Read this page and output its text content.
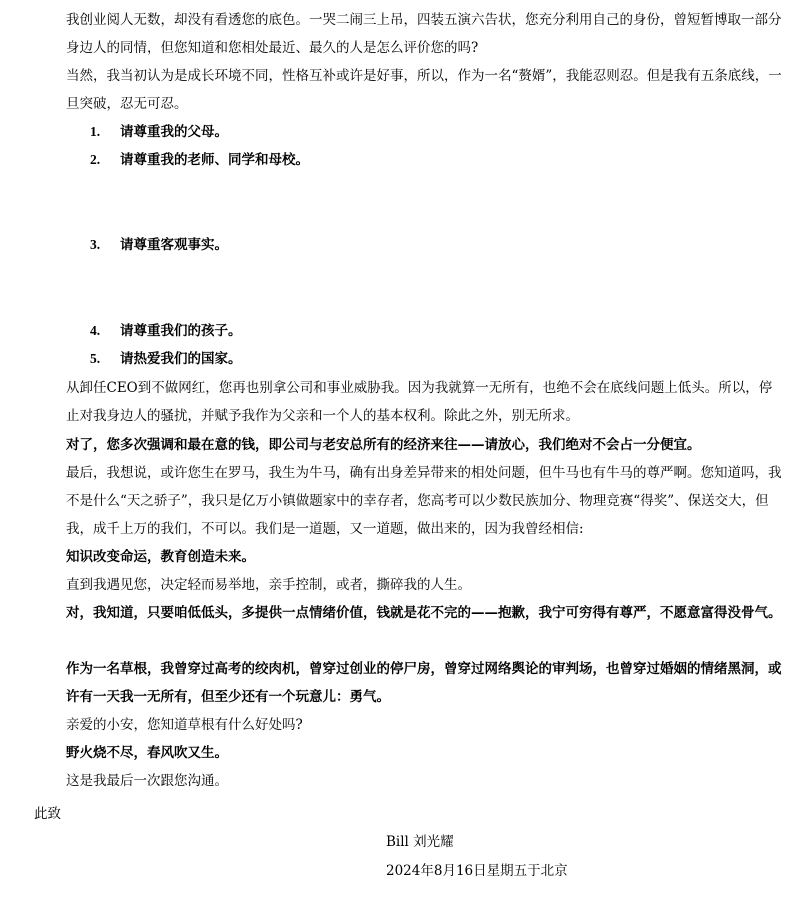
我创业阅人无数，却没有看透您的底色。一哭二闹三上吊，四装五演六告状，您充分利用自己的身份，曾短暂博取一部分身边人的同情，但您知道和您相处最近、最久的人是怎么评价您的吗?

当然，我当初认为是成长环境不同，性格互补或许是好事，所以，作为一名“赘婿”，我能忍则忍。但是我有五条底线，一旦突破，忍无可忍。

1. 请尊重我的父母。
2. 请尊重我的老师、同学和母校。
3. 请尊重客观事实。
4. 请尊重我们的孩子。
5. 请热爱我们的国家。

从卸任CEO到不做网红，您再也别拿公司和事业威胁我。因为我就算一无所有，也绝不会在底线问题上低头。所以，停止对我身边人的骚扰，并赋予我作为父亲和一个人的基本权利。除此之外，别无所求。

对了，您多次强调和最在意的钱，即公司与老安总所有的经济来往——请放心，我们绝对不会占一分便宜。

最后，我想说，或许您生在罗马，我生为牛马，确有出身差异带来的相处问题，但牛马也有牛马的尊严啊。您知道吗，我不是什么“天之骄子”，我只是亿万小镇做题家中的幸存者，您高考可以少数民族加分、物理竞赛“得奖”、保送交大，但我，成千上万的我们，不可以。我们是一道题，又一道题，做出来的，因为我曾经相信:

知识改变命运，教育创造未来。

直到我遇见您，决定轻而易举地，亲手控制，或者，撕碎我的人生。

对，我知道，只要咱低低头，多提供一点情绪价值，钱就是花不完的——抱歉，我宁可穷得有尊严，不愿意富得没骨气。

作为一名草根，我曾穿过高考的绞肉机，曾穿过创业的停尸房，曾穿过网络舆论的审判场，也曾穿过婚姻的情绪黑洞，或许有一天我一无所有，但至少还有一个玩意儿：勇气。

亲爱的小安，您知道草根有什么好处吗?

野火烧不尽，春风吹又生。

这是我最后一次跟您沟通。

此致
Bill 刘光耀
2024年8月16日星期五于北京
